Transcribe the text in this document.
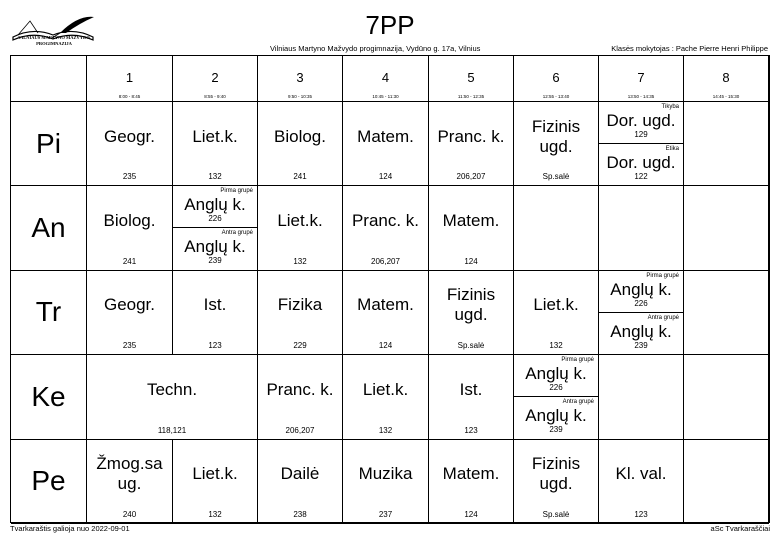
VILNIAUS MARTYNO MAŽVYDO PROGIMNAZIJA
7PP
Vilniaus Martyno Mažvydo progimnazija, Vydūno g. 17a, Vilnius	Klasės mokytojas : Pache Pierre Henri Philippe
1
8:00 - 8:45
2
8:55 - 9:40
3
9:50 - 10:35
4
10:45 - 11:30
5
11:50 - 12:35
6
12:55 - 13:40
7
13:50 - 14:35
8
14:45 - 15:30
Pi
An
Tr
Ke
Pe
Geogr.
235
Liet.k.
132
Biolog.
241
Matem.
124
Pranc. k.
206,207
Fizinis ugd.
Sp.salė
Tikyba
Dor. ugd.
129
Etika
Dor. ugd.
122
Biolog.
241
Pirma grupė
Anglų k.
226
Antra grupė
Anglų k.
239
Liet.k.
132
Pranc. k.
206,207
Matem.
124
Geogr.
235
Ist.
123
Fizika
229
Matem.
124
Fizinis ugd.
Sp.salė
Liet.k.
132
Pirma grupė
Anglų k.
226
Antra grupė
Anglų k.
239
Techn.
118,121
Pranc. k.
206,207
Liet.k.
132
Ist.
123
Pirma grupė
Anglų k.
226
Antra grupė
Anglų k.
239
Žmog.sa ug.
240
Liet.k.
132
Dailė
238
Muzika
237
Matem.
124
Fizinis ugd.
Sp.salė
Kl. val.
123
Tvarkaraštis galioja nuo 2022-09-01	aSc Tvarkaraščiai
